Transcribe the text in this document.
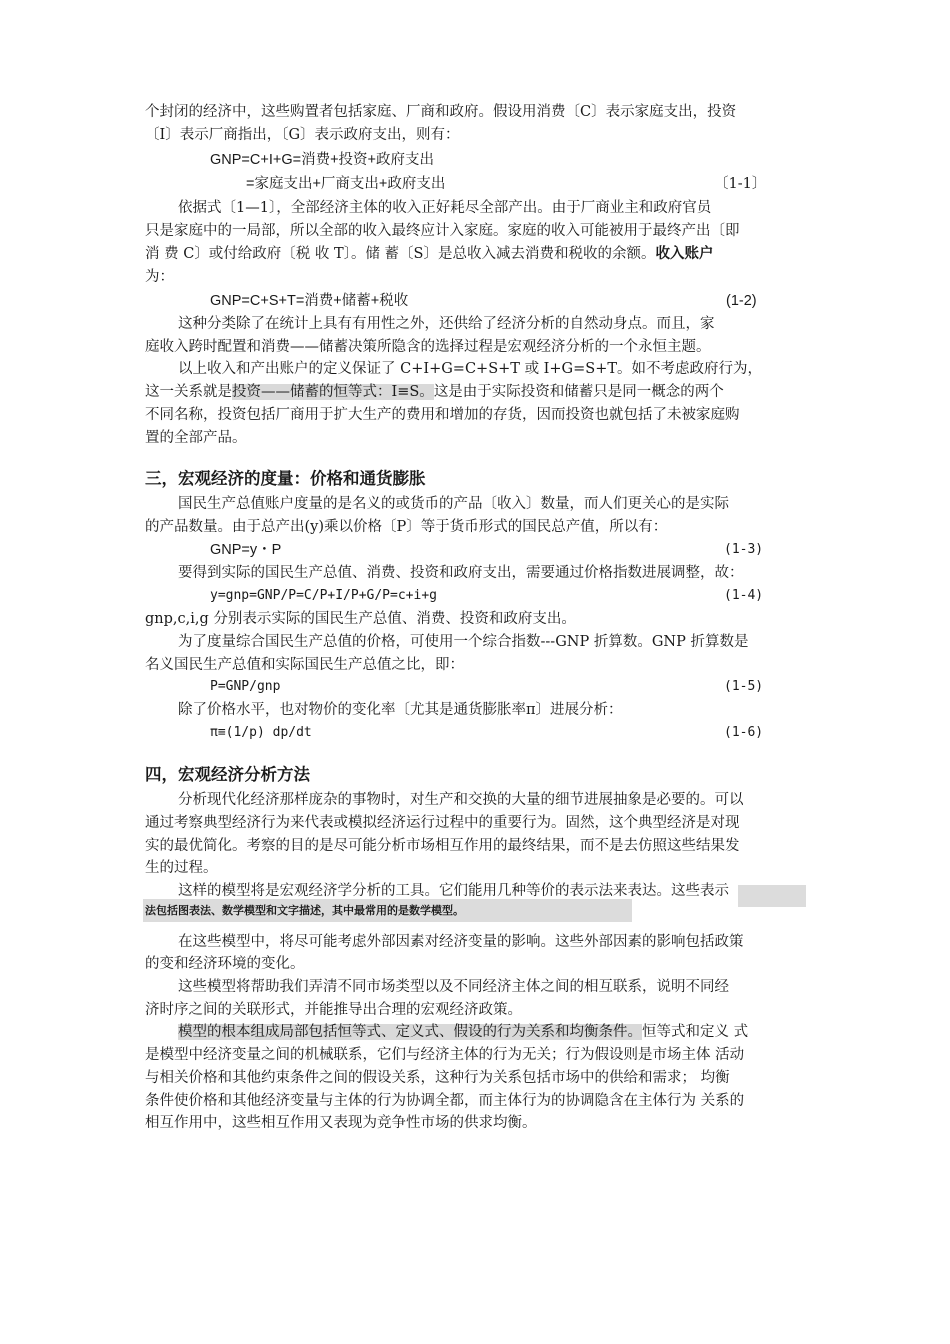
个封闭的经济中，这些购置者包括家庭、厂商和政府。假设用消费〔C〕表示家庭支出，投资
〔I〕表示厂商指出，〔G〕表示政府支出，则有：
GNP=C+I+G=消费+投资+政府支出
=家庭支出+厂商支出+政府支出	〔1-1〕
依据式〔1—1〕，全部经济主体的收入正好耗尽全部产出。由于厂商业主和政府官员
只是家庭中的一局部，所以全部的收入最终应计入家庭。家庭的收入可能被用于最终产出〔即
消 费 C〕或付给政府〔税 收 T〕。储 蓄〔S〕是总收入减去消费和税收的余额。收入账户
为：
GNP=C+S+T=消费+储蓄+税收	(1-2)
这种分类除了在统计上具有有用性之外，还供给了经济分析的自然动身点。而且，家
庭收入跨时配置和消费——储蓄决策所隐含的选择过程是宏观经济分析的一个永恒主题。
以上收入和产出账户的定义保证了 C+I+G=C+S+T 或 I+G=S+T。如不考虑政府行为，
这一关系就是投资——储蓄的恒等式：I≡S。这是由于实际投资和储蓄只是同一概念的两个
不同名称，投资包括厂商用于扩大生产的费用和增加的存货，因而投资也就包括了未被家庭购
置的全部产品。
三，宏观经济的度量：价格和通货膨胀
国民生产总值账户度量的是名义的或货币的产品〔收入〕数量，而人们更关心的是实际
的产品数量。由于总产出(y)乘以价格〔P〕等于货币形式的国民总产值，所以有：
GNP=y・P	(1-3)
要得到实际的国民生产总值、消费、投资和政府支出，需要通过价格指数进展调整，故：
y=gnp=GNP/P=C/P+I/P+G/P=c+i+g	(1-4)
gnp,c,i,g 分别表示实际的国民生产总值、消费、投资和政府支出。
为了度量综合国民生产总值的价格，可使用一个综合指数---GNP 折算数。GNP 折算数是
名义国民生产总值和实际国民生产总值之比，即：
P=GNP/gnp	(1-5)
除了价格水平，也对物价的变化率〔尤其是通货膨胀率π〕进展分析：
π≡(1/p) dp/dt	(1-6)
四，宏观经济分析方法
分析现代化经济那样庞杂的事物时，对生产和交换的大量的细节进展抽象是必要的。可以
通过考察典型经济行为来代表或模拟经济运行过程中的重要行为。固然，这个典型经济是对现
实的最优简化。考察的目的是尽可能分析市场相互作用的最终结果，而不是去仿照这些结果发
生的过程。
这样的模型将是宏观经济学分析的工具。它们能用几种等价的表示法来表达。这些表示
法包括图表法、数学模型和文字描述，其中最常用的是数学模型。
在这些模型中，将尽可能考虑外部因素对经济变量的影响。这些外部因素的影响包括政策
的变和经济环境的变化。
这些模型将帮助我们弄清不同市场类型以及不同经济主体之间的相互联系，说明不同经
济时序之间的关联形式，并能推导出合理的宏观经济政策。
模型的根本组成局部包括恒等式、定义式、假设的行为关系和均衡条件。恒等式和定义 式
是模型中经济变量之间的机械联系，它们与经济主体的行为无关；行为假设则是市场主体 活动
与相关价格和其他约束条件之间的假设关系，这种行为关系包括市场中的供给和需求； 均衡
条件使价格和其他经济变量与主体的行为协调全都，而主体行为的协调隐含在主体行为 关系的
相互作用中，这些相互作用又表现为竞争性市场的供求均衡。
